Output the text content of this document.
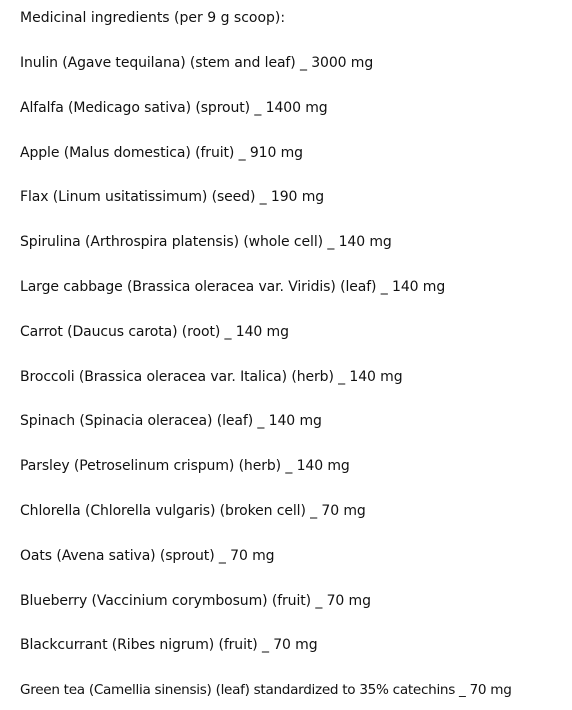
Medicinal ingredients (per 9 g scoop):
Inulin (Agave tequilana) (stem and leaf) _ 3000 mg
Alfalfa (Medicago sativa) (sprout) _ 1400 mg
Apple (Malus domestica) (fruit) _ 910 mg
Flax (Linum usitatissimum) (seed) _ 190 mg
Spirulina (Arthrospira platensis) (whole cell) _ 140 mg
Large cabbage (Brassica oleracea var. Viridis) (leaf) _ 140 mg
Carrot (Daucus carota) (root) _ 140 mg
Broccoli (Brassica oleracea var. Italica) (herb) _ 140 mg
Spinach (Spinacia oleracea) (leaf) _ 140 mg
Parsley (Petroselinum crispum) (herb) _ 140 mg
Chlorella (Chlorella vulgaris) (broken cell) _ 70 mg
Oats (Avena sativa) (sprout) _ 70 mg
Blueberry (Vaccinium corymbosum) (fruit) _ 70 mg
Blackcurrant (Ribes nigrum) (fruit) _ 70 mg
Green tea (Camellia sinensis) (leaf) standardized to 35% catechins _ 70 mg
